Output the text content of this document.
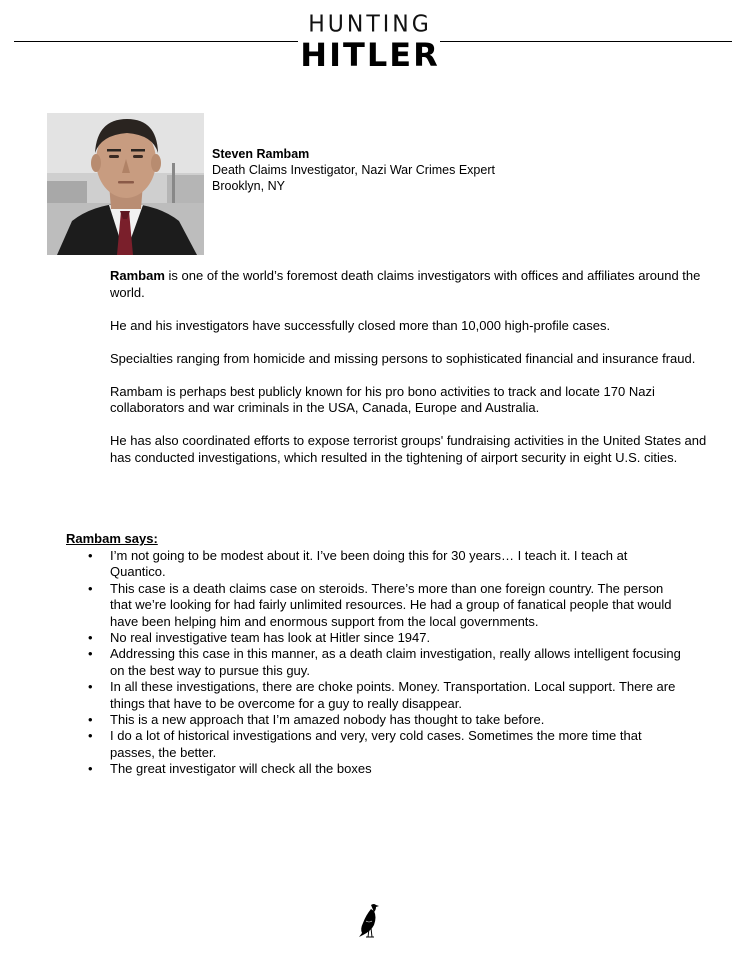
HUNTING
HITLER
Steven Rambam
Death Claims Investigator, Nazi War Crimes Expert
Brooklyn, NY

Rambam is one of the world’s foremost death claims investigators with offices and affiliates around the world.

He and his investigators have successfully closed more than 10,000 high-profile cases.

Specialties ranging from homicide and missing persons to sophisticated financial and insurance fraud.

Rambam is perhaps best publicly known for his pro bono activities to track and locate 170 Nazi collaborators and war criminals in the USA, Canada, Europe and Australia.

He has also coordinated efforts to expose terrorist groups' fundraising activities in the United States and has conducted investigations, which resulted in the tightening of airport security in eight U.S. cities.

Rambam says:
• I’m not going to be modest about it. I’ve been doing this for 30 years… I teach it. I teach at Quantico.
• This case is a death claims case on steroids. There’s more than one foreign country. The person that we’re looking for had fairly unlimited resources. He had a group of fanatical people that would have been helping him and enormous support from the local governments.
• No real investigative team has look at Hitler since 1947.
• Addressing this case in this manner, as a death claim investigation, really allows intelligent focusing on the best way to pursue this guy.
• In all these investigations, there are choke points. Money. Transportation. Local support. There are things that have to be overcome for a guy to really disappear.
• This is a new approach that I’m amazed nobody has thought to take before.
• I do a lot of historical investigations and very, very cold cases. Sometimes the more time that passes, the better.
• The great investigator will check all the boxes
